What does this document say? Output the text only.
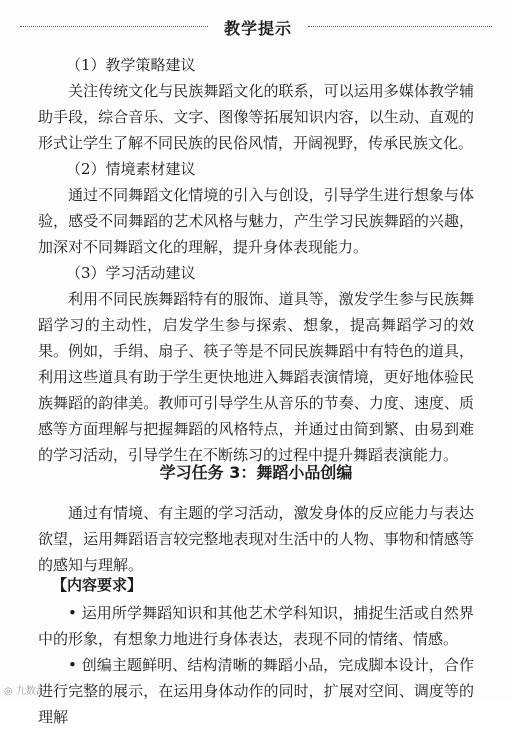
教学提示
（1）教学策略建议
关注传统文化与民族舞蹈文化的联系，可以运用多媒体教学辅助手段，综合音乐、文字、图像等拓展知识内容，以生动、直观的形式让学生了解不同民族的民俗风情，开阔视野，传承民族文化。
（2）情境素材建议
通过不同舞蹈文化情境的引入与创设，引导学生进行想象与体验，感受不同舞蹈的艺术风格与魅力，产生学习民族舞蹈的兴趣，加深对不同舞蹈文化的理解，提升身体表现能力。
（3）学习活动建议
利用不同民族舞蹈特有的服饰、道具等，激发学生参与民族舞蹈学习的主动性，启发学生参与探索、想象，提高舞蹈学习的效果。例如，手绢、扇子、筷子等是不同民族舞蹈中有特色的道具，利用这些道具有助于学生更快地进入舞蹈表演情境，更好地体验民族舞蹈的韵律美。教师可引导学生从音乐的节奏、力度、速度、质感等方面理解与把握舞蹈的风格特点，并通过由简到繁、由易到难的学习活动，引导学生在不断练习的过程中提升舞蹈表演能力。
学习任务 3：舞蹈小品创编
通过有情境、有主题的学习活动，激发身体的反应能力与表达欲望，运用舞蹈语言较完整地表现对生活中的人物、事物和情感等的感知与理解。
【内容要求】
• 运用所学舞蹈知识和其他艺术学科知识，捕捉生活或自然界中的形象，有想象力地进行身体表达，表现不同的情绪、情感。
• 创编主题鲜明、结构清晰的舞蹈小品，完成脚本设计，合作进行完整的展示，在运用身体动作的同时，扩展对空间、调度等的理解
◎ 九数汇
